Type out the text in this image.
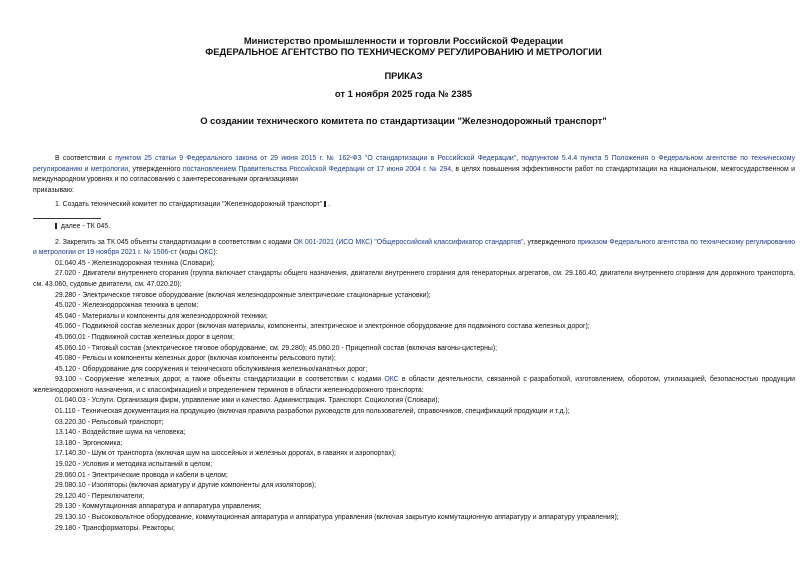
Министерство промышленности и торговли Российской Федерации
ФЕДЕРАЛЬНОЕ АГЕНТСТВО ПО ТЕХНИЧЕСКОМУ РЕГУЛИРОВАНИЮ И МЕТРОЛОГИИ
ПРИКАЗ
от 1 ноября 2025 года № 2385
О создании технического комитета по стандартизации "Железнодорожный транспорт"

В соответствии с пунктом 25 статьи 9 Федерального закона от 29 июня 2015 г. № 162-ФЗ "О стандартизации в Российской Федерации", подпунктом 5.4.4 пункта 5 Положения о Федеральном агентстве по техническому регулированию и метрологии, утвержденного постановлением Правительства Российской Федерации от 17 июня 2004 г. № 294, в целях повышения эффективности работ по стандартизации на национальном, межгосударственном и международном уровнях и по согласованию с заинтересованными организациями

приказываю:

1. Создать технический комитет по стандартизации "Железнодорожный транспорт" .

далее - ТК 045.

2. Закрепить за ТК 045 объекты стандартизации в соответствии с кодами ОК 001-2021 (ИСО МКС) "Общероссийский классификатор стандартов", утвержденного приказом Федерального агентства по техническому регулированию и метрологии от 19 ноября 2021 г. № 1506-ст (коды ОКС):

01.040.45 - Железнодорожная техника (Словари);

27.020 - Двигатели внутреннего сгорания (группа включает стандарты общего назначения, двигатели внутреннего сгорания для генераторных агрегатов, см. 29.160.40, двигатели внутреннего сгорания для дорожного транспорта, см. 43.060, судовые двигатели, см. 47.020.20);

29.280 - Электрическое тяговое оборудование (включая железнодорожные электрические стационарные установки);

45.020 - Железнодорожная техника в целом;

45.040 - Материалы и компоненты для железнодорожной техники;

45.060 - Подвижной состав железных дорог (включая материалы, компоненты, электрическое и электронное оборудование для подвижного состава железных дорог);

45.060.01 - Подвижной состав железных дорог в целом;

45.060.10 - Тяговый состав (электрическое тяговое оборудование, см. 29.280); 45.060.20 - Прицепной состав (включая вагоны-цистерны);

45.080 - Рельсы и компоненты железных дорог (включая компоненты рельсового пути);

45.120 - Оборудование для сооружения и технического обслуживания железных/канатных дорог;

93.100 - Сооружение железных дорог, а также объекты стандартизации в соответствии с кодами ОКС в области деятельности, связанной с разработкой, изготовлением, оборотом, утилизацией, безопасностью продукции железнодорожного назначения, и с классификацией и определением терминов в области железнодорожного транспорта:

01.040.03 - Услуги. Организация фирм, управление ими и качество. Администрация. Транспорт. Социология (Словари);

01.110 - Техническая документация на продукцию (включая правила разработки руководств для пользователей, справочников, спецификаций продукции и т.д.);

03.220.30 - Рельсовый транспорт;

13.140 - Воздействие шума на человека;

13.180 - Эргономика;

17.140.30 - Шум от транспорта (включая шум на шоссейных и железных дорогах, в гаванях и аэропортах);

19.020 - Условия и методика испытаний в целом;

29.060.01 - Электрические провода и кабели в целом;

29.080.10 - Изоляторы (включая арматуру и другие компоненты для изоляторов);

29.120.40 - Переключатели;

29.130 - Коммутационная аппаратура и аппаратура управления;

29.130.10 - Высоковольтное оборудование, коммутационная аппаратура и аппаратура управления (включая закрытую коммутационную аппаратуру и аппаратуру управления);

29.180 - Трансформаторы. Реакторы;
